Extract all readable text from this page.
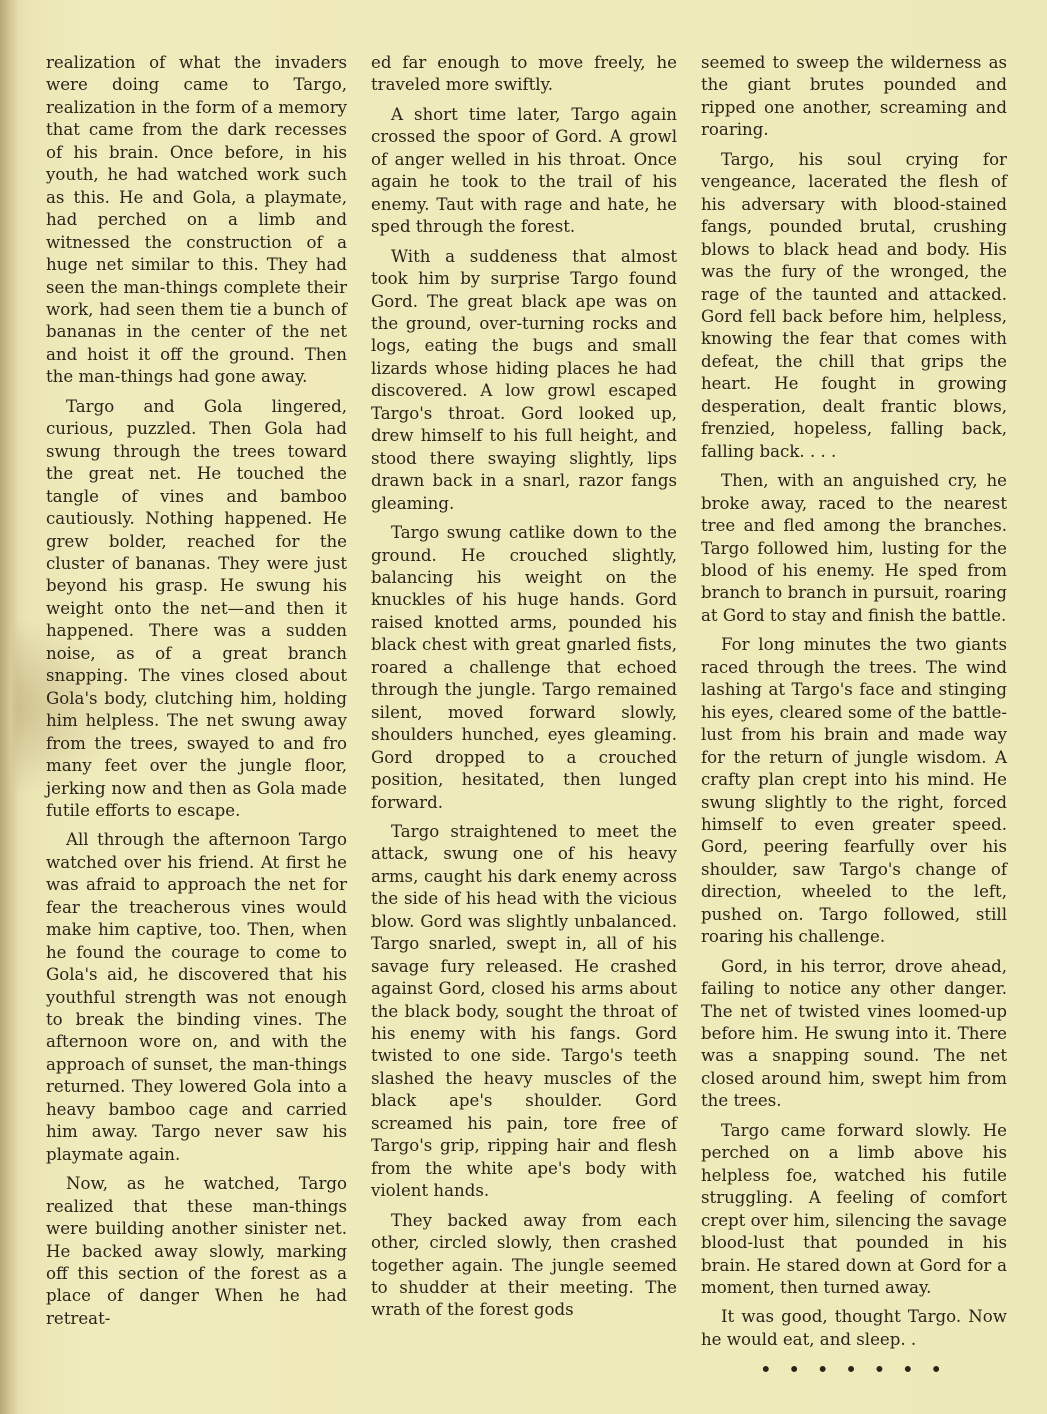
realization of what the invaders were doing came to Targo, realization in the form of a memory that came from the dark recesses of his brain. Once before, in his youth, he had watched work such as this. He and Gola, a playmate, had perched on a limb and witnessed the construction of a huge net similar to this. They had seen the man-things complete their work, had seen them tie a bunch of bananas in the center of the net and hoist it off the ground. Then the man-things had gone away.

Targo and Gola lingered, curious, puzzled. Then Gola had swung through the trees toward the great net. He touched the tangle of vines and bamboo cautiously. Nothing happened. He grew bolder, reached for the cluster of bananas. They were just beyond his grasp. He swung his weight onto the net—and then it happened. There was a sudden noise, as of a great branch snapping. The vines closed about Gola's body, clutching him, holding him helpless. The net swung away from the trees, swayed to and fro many feet over the jungle floor, jerking now and then as Gola made futile efforts to escape.

All through the afternoon Targo watched over his friend. At first he was afraid to approach the net for fear the treacherous vines would make him captive, too. Then, when he found the courage to come to Gola's aid, he discovered that his youthful strength was not enough to break the binding vines. The afternoon wore on, and with the approach of sunset, the man-things returned. They lowered Gola into a heavy bamboo cage and carried him away. Targo never saw his playmate again.

Now, as he watched, Targo realized that these man-things were building another sinister net. He backed away slowly, marking off this section of the forest as a place of danger When he had retreat-

ed far enough to move freely, he traveled more swiftly.

A short time later, Targo again crossed the spoor of Gord. A growl of anger welled in his throat. Once again he took to the trail of his enemy. Taut with rage and hate, he sped through the forest.

With a suddeness that almost took him by surprise Targo found Gord. The great black ape was on the ground, over-turning rocks and logs, eating the bugs and small lizards whose hiding places he had discovered. A low growl escaped Targo's throat. Gord looked up, drew himself to his full height, and stood there swaying slightly, lips drawn back in a snarl, razor fangs gleaming.

Targo swung catlike down to the ground. He crouched slightly, balancing his weight on the knuckles of his huge hands. Gord raised knotted arms, pounded his black chest with great gnarled fists, roared a challenge that echoed through the jungle. Targo remained silent, moved forward slowly, shoulders hunched, eyes gleaming. Gord dropped to a crouched position, hesitated, then lunged forward.

Targo straightened to meet the attack, swung one of his heavy arms, caught his dark enemy across the side of his head with the vicious blow. Gord was slightly unbalanced. Targo snarled, swept in, all of his savage fury released. He crashed against Gord, closed his arms about the black body, sought the throat of his enemy with his fangs. Gord twisted to one side. Targo's teeth slashed the heavy muscles of the black ape's shoulder. Gord screamed his pain, tore free of Targo's grip, ripping hair and flesh from the white ape's body with violent hands.

They backed away from each other, circled slowly, then crashed together again. The jungle seemed to shudder at their meeting. The wrath of the forest gods

seemed to sweep the wilderness as the giant brutes pounded and ripped one another, screaming and roaring.

Targo, his soul crying for vengeance, lacerated the flesh of his adversary with blood-stained fangs, pounded brutal, crushing blows to black head and body. His was the fury of the wronged, the rage of the taunted and attacked. Gord fell back before him, helpless, knowing the fear that comes with defeat, the chill that grips the heart. He fought in growing desperation, dealt frantic blows, frenzied, hopeless, falling back, falling back. . . .

Then, with an anguished cry, he broke away, raced to the nearest tree and fled among the branches. Targo followed him, lusting for the blood of his enemy. He sped from branch to branch in pursuit, roaring at Gord to stay and finish the battle.

For long minutes the two giants raced through the trees. The wind lashing at Targo's face and stinging his eyes, cleared some of the battle-lust from his brain and made way for the return of jungle wisdom. A crafty plan crept into his mind. He swung slightly to the right, forced himself to even greater speed. Gord, peering fearfully over his shoulder, saw Targo's change of direction, wheeled to the left, pushed on. Targo followed, still roaring his challenge.

Gord, in his terror, drove ahead, failing to notice any other danger. The net of twisted vines loomed-up before him. He swung into it. There was a snapping sound. The net closed around him, swept him from the trees.

Targo came forward slowly. He perched on a limb above his helpless foe, watched his futile struggling. A feeling of comfort crept over him, silencing the savage blood-lust that pounded in his brain. He stared down at Gord for a moment, then turned away.

It was good, thought Targo. Now he would eat, and sleep. .

• • • • • • •
